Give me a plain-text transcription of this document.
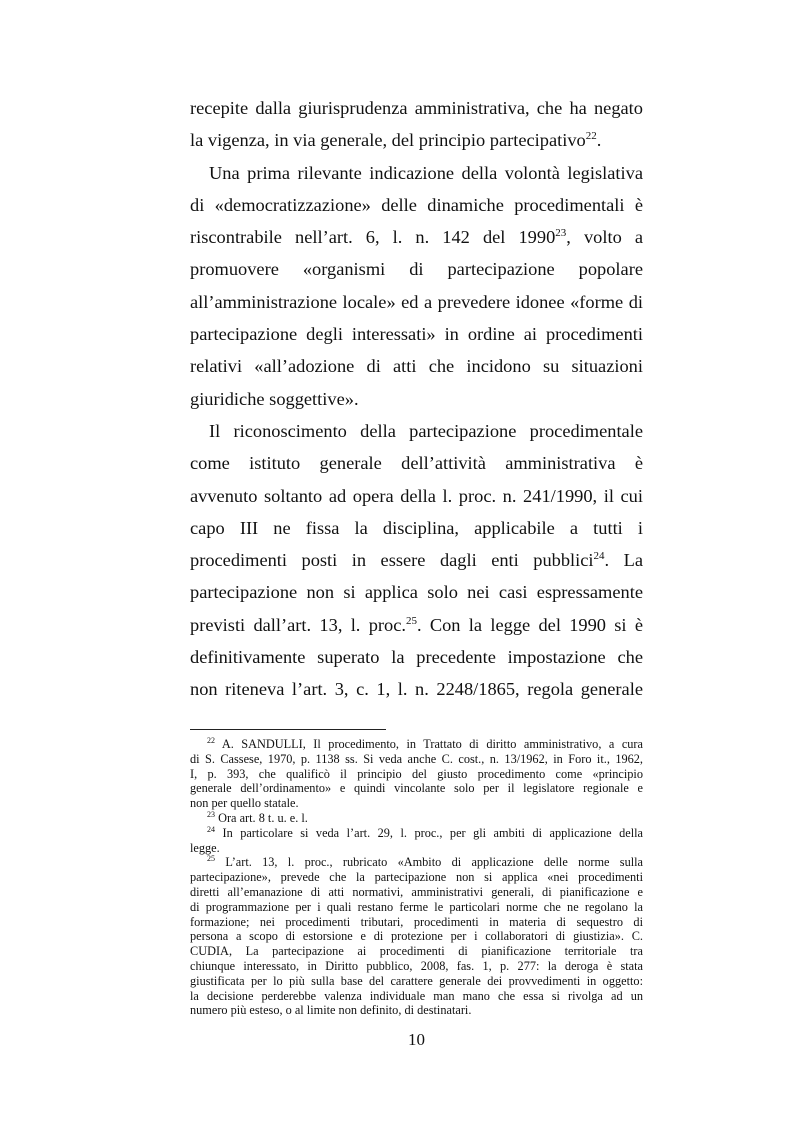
recepite dalla giurisprudenza amministrativa, che ha negato
la vigenza, in via generale, del principio partecipativo$^{22}$.
Una prima rilevante indicazione della volontà legislativa
di «democratizzazione» delle dinamiche procedimentali è
riscontrabile nell’art. 6, l. n. 142 del 1990$^{23}$, volto a
promuovere «organismi di partecipazione popolare
all’amministrazione locale» ed a prevedere idonee «forme di
partecipazione degli interessati» in ordine ai procedimenti
relativi «all’adozione di atti che incidono su situazioni
giuridiche soggettive».
Il riconoscimento della partecipazione procedimentale
come istituto generale dell’attività amministrativa è
avvenuto soltanto ad opera della l. proc. n. 241/1990, il cui
capo III ne fissa la disciplina, applicabile a tutti i
procedimenti posti in essere dagli enti pubblici$^{24}$. La
partecipazione non si applica solo nei casi espressamente
previsti dall’art. 13, l. proc.$^{25}$. Con la legge del 1990 si è
definitivamente superato la precedente impostazione che
non riteneva l’art. 3, c. 1, l. n. 2248/1865, regola generale
$^{22}$ A. SANDULLI, Il procedimento, in Trattato di diritto amministrativo, a cura
di S. Cassese, 1970, p. 1138 ss. Si veda anche C. cost., n. 13/1962, in Foro it., 1962,
I, p. 393, che qualificò il principio del giusto procedimento come «principio
generale dell’ordinamento» e quindi vincolante solo per il legislatore regionale e
non per quello statale.
$^{23}$ Ora art. 8 t. u. e. l.
$^{24}$ In particolare si veda l’art. 29, l. proc., per gli ambiti di applicazione della
legge.
$^{25}$ L’art. 13, l. proc., rubricato «Ambito di applicazione delle norme sulla
partecipazione», prevede che la partecipazione non si applica «nei procedimenti
diretti all’emanazione di atti normativi, amministrativi generali, di pianificazione e
di programmazione per i quali restano ferme le particolari norme che ne regolano la
formazione; nei procedimenti tributari, procedimenti in materia di sequestro di
persona a scopo di estorsione e di protezione per i collaboratori di giustizia». C.
CUDIA, La partecipazione ai procedimenti di pianificazione territoriale tra
chiunque interessato, in Diritto pubblico, 2008, fas. 1, p. 277: la deroga è stata
giustificata per lo più sulla base del carattere generale dei provvedimenti in oggetto:
la decisione perderebbe valenza individuale man mano che essa si rivolga ad un
numero più esteso, o al limite non definito, di destinatari.
10
